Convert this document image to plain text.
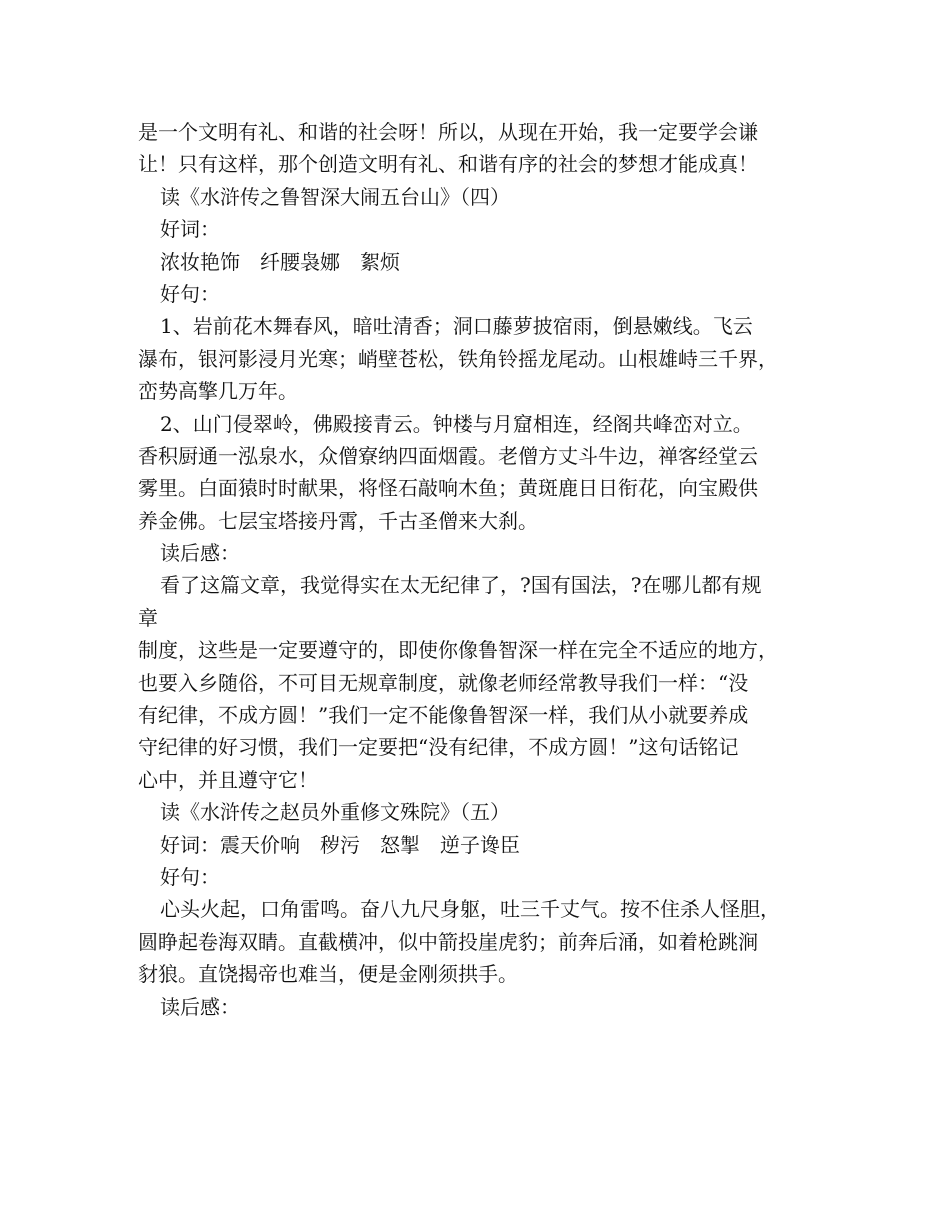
是一个文明有礼、和谐的社会呀！所以，从现在开始，我一定要学会谦
让！只有这样，那个创造文明有礼、和谐有序的社会的梦想才能成真！
读《水浒传之鲁智深大闹五台山》（四）
好词：
浓妆艳饰　纤腰袅娜　絮烦
好句：
1、岩前花木舞春风，暗吐清香；洞口藤萝披宿雨，倒悬嫩线。飞云
瀑布，银河影浸月光寒；峭壁苍松，铁角铃摇龙尾动。山根雄峙三千界，
峦势高擎几万年。
2、山门侵翠岭，佛殿接青云。钟楼与月窟相连，经阁共峰峦对立。
香积厨通一泓泉水，众僧寮纳四面烟霞。老僧方丈斗牛边，禅客经堂云
雾里。白面猿时时献果，将怪石敲响木鱼；黄斑鹿日日衔花，向宝殿供
养金佛。七层宝塔接丹霄，千古圣僧来大刹。
读后感：
看了这篇文章，我觉得实在太无纪律了，?国有国法，?在哪儿都有规
章
制度，这些是一定要遵守的，即使你像鲁智深一样在完全不适应的地方，
也要入乡随俗，不可目无规章制度，就像老师经常教导我们一样：“没
有纪律，不成方圆！”我们一定不能像鲁智深一样，我们从小就要养成
守纪律的好习惯，我们一定要把“没有纪律，不成方圆！”这句话铭记
心中，并且遵守它！
读《水浒传之赵员外重修文殊院》（五）
好词：震天价响　秽污　怒掣　逆子谗臣
好句：
心头火起，口角雷鸣。奋八九尺身躯，吐三千丈气。按不住杀人怪胆，
圆睁起卷海双睛。直截横冲，似中箭投崖虎豹；前奔后涌，如着枪跳涧
豺狼。直饶揭帝也难当，便是金刚须拱手。
读后感：
